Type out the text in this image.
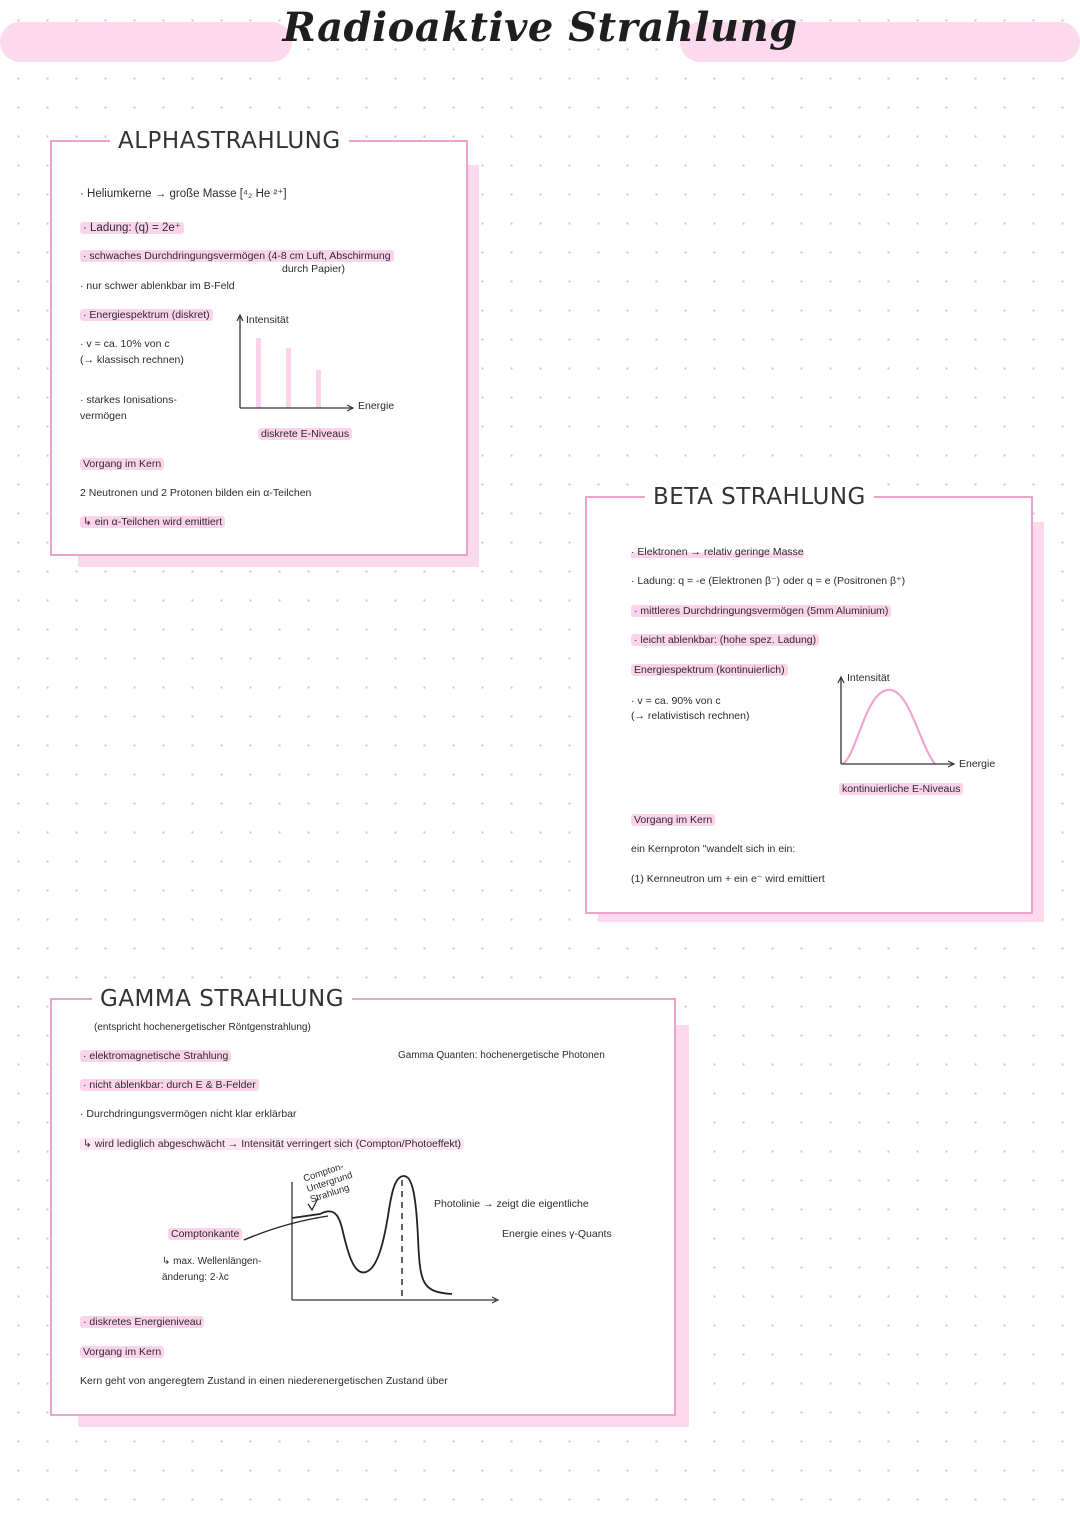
Radioaktive Strahlung
ALPHASTRAHLUNG
· Heliumkerne → große Masse [⁴₂ He ²⁺]
· Ladung: (q) = 2e⁺
· schwaches Durchdringungsvermögen (4-8 cm Luft, Abschirmung
durch Papier)
· nur schwer ablenkbar im B-Feld
· Energiespektrum (diskret)
· v = ca. 10% von c
(→ klassisch rechnen)
· starkes Ionisations-
vermögen
Intensität
Energie
diskrete E-Niveaus
Vorgang im Kern
2 Neutronen und 2 Protonen bilden ein α-Teilchen
↳ ein α-Teilchen wird emittiert
BETA STRAHLUNG
· Elektronen → relativ geringe Masse
· Ladung: q = -e (Elektronen β⁻) oder q = e (Positronen β⁺)
· mittleres Durchdringungsvermögen (5mm Aluminium)
· leicht ablenkbar: (hohe spez. Ladung)
Energiespektrum (kontinuierlich)
· v = ca. 90% von c
(→ relativistisch rechnen)
Intensität
Energie
kontinuierliche E-Niveaus
Vorgang im Kern
ein Kernproton "wandelt sich in ein:
(1) Kernneutron um + ein e⁻ wird emittiert
GAMMA STRAHLUNG
(entspricht hochenergetischer Röntgenstrahlung)
· elektromagnetische Strahlung	Gamma Quanten: hochenergetische Photonen
· nicht ablenkbar: durch E & B-Felder
· Durchdringungsvermögen nicht klar erklärbar
↳ wird lediglich abgeschwächt → Intensität verringert sich (Compton/Photoeffekt)
Compton-Untergrund Strahlung
Comptonkante
↳ max. Wellenlängen-
änderung: 2·λc
Photolinie → zeigt die eigentliche
Energie eines γ-Quants
· diskretes Energieniveau
Vorgang im Kern
Kern geht von angeregtem Zustand in einen niederenergetischen Zustand über
